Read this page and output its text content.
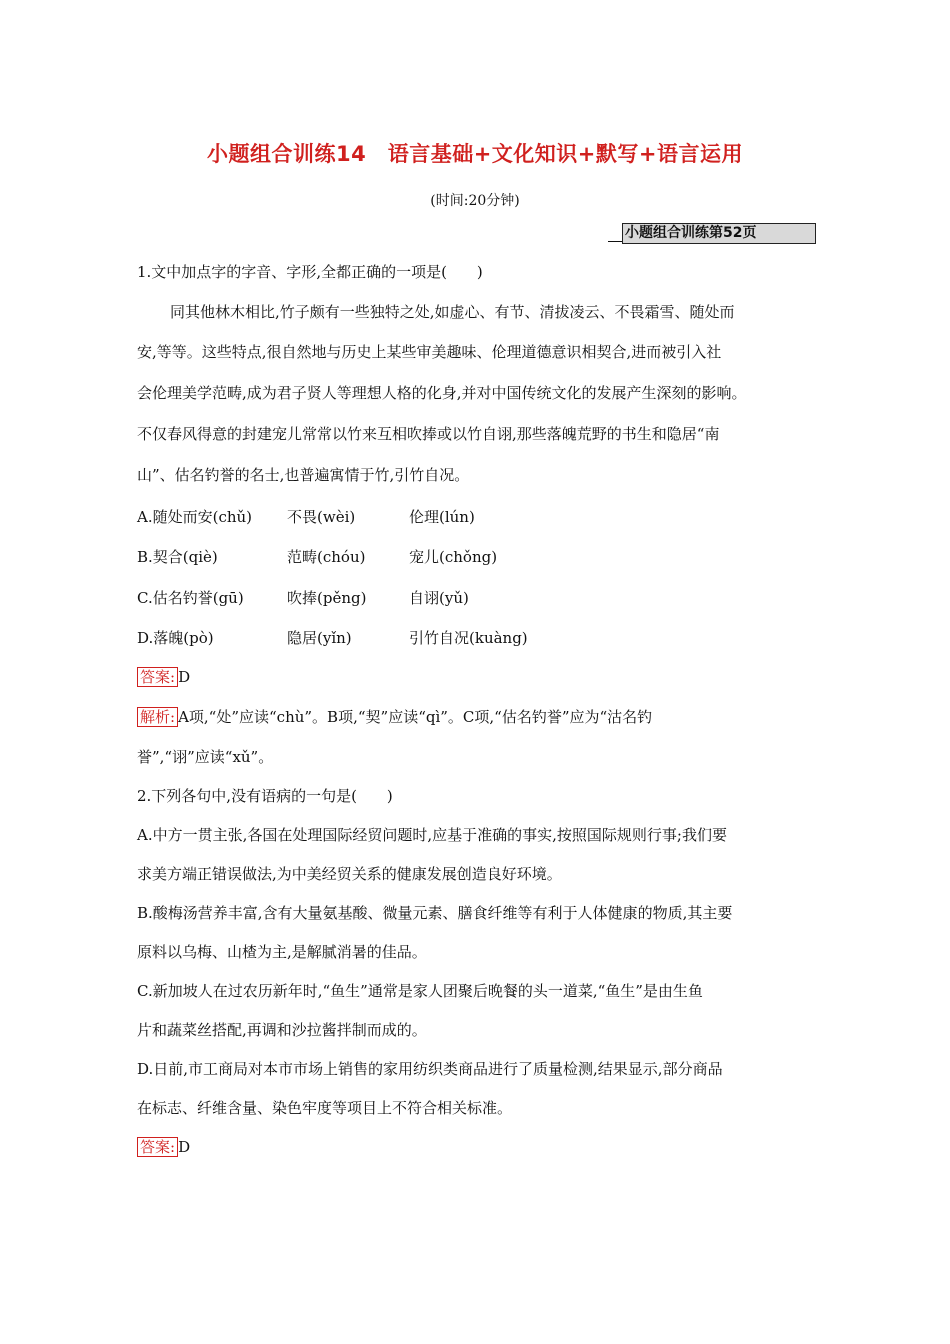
小题组合训练14　语言基础+文化知识+默写+语言运用
(时间:20分钟)
小题组合训练第52页
1.文中加点字的字音、字形,全都正确的一项是(　　)
同其他林木相比,竹子颇有一些独特之处,如虚心、有节、清拔凌云、不畏霜雪、随处而
安,等等。这些特点,很自然地与历史上某些审美趣味、伦理道德意识相契合,进而被引入社
会伦理美学范畴,成为君子贤人等理想人格的化身,并对中国传统文化的发展产生深刻的影响。
不仅春风得意的封建宠儿常常以竹来互相吹捧或以竹自诩,那些落魄荒野的书生和隐居“南
山”、估名钓誉的名士,也普遍寓情于竹,引竹自况。
A.随处而安(chǔ) 不畏(wèi)	伦理(lún)
B.契合(qiè)	范畴(chóu)	宠儿(chǒng)
C.估名钓誉(gū)	吹捧(pěng)	自诩(yǔ)
D.落魄(pò)	隐居(yǐn)	引竹自况(kuàng)
答案: D
解析: A项,“处”应读“chù”。B项,“契”应读“qì”。C项,“估名钓誉”应为“沽名钓
誉”,“诩”应读“xǔ”。
2.下列各句中,没有语病的一句是(　　)
A.中方一贯主张,各国在处理国际经贸问题时,应基于准确的事实,按照国际规则行事;我们要
求美方端正错误做法,为中美经贸关系的健康发展创造良好环境。
B.酸梅汤营养丰富,含有大量氨基酸、微量元素、膳食纤维等有利于人体健康的物质,其主要
原料以乌梅、山楂为主,是解腻消暑的佳品。
C.新加坡人在过农历新年时,“鱼生”通常是家人团聚后晚餐的头一道菜,“鱼生”是由生鱼
片和蔬菜丝搭配,再调和沙拉酱拌制而成的。
D.日前,市工商局对本市市场上销售的家用纺织类商品进行了质量检测,结果显示,部分商品
在标志、纤维含量、染色牢度等项目上不符合相关标准。
答案: D
